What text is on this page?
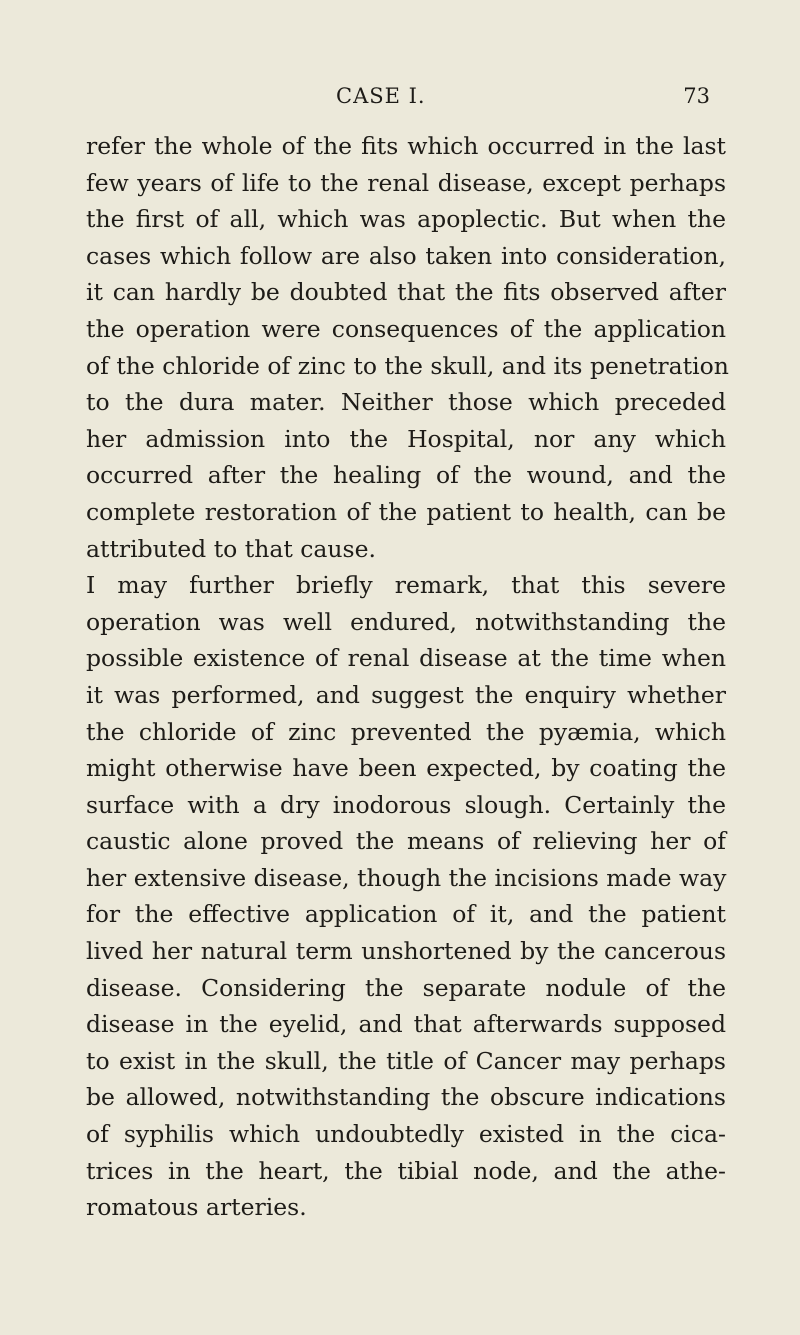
CASE I.	73
refer the whole of the fits which occurred in the last
few years of life to the renal disease, except perhaps
the first of all, which was apoplectic. But when the
cases which follow are also taken into consideration,
it can hardly be doubted that the fits observed after
the operation were consequences of the application
of the chloride of zinc to the skull, and its penetration
to the dura mater. Neither those which preceded
her admission into the Hospital, nor any which
occurred after the healing of the wound, and the
complete restoration of the patient to health, can be
attributed to that cause.
I may further briefly remark, that this severe
operation was well endured, notwithstanding the
possible existence of renal disease at the time when
it was performed, and suggest the enquiry whether
the chloride of zinc prevented the pyæmia, which
might otherwise have been expected, by coating the
surface with a dry inodorous slough. Certainly the
caustic alone proved the means of relieving her of
her extensive disease, though the incisions made way
for the effective application of it, and the patient
lived her natural term unshortened by the cancerous
disease. Considering the separate nodule of the
disease in the eyelid, and that afterwards supposed
to exist in the skull, the title of Cancer may perhaps
be allowed, notwithstanding the obscure indications
of syphilis which undoubtedly existed in the cica-
trices in the heart, the tibial node, and the athe-
romatous arteries.
